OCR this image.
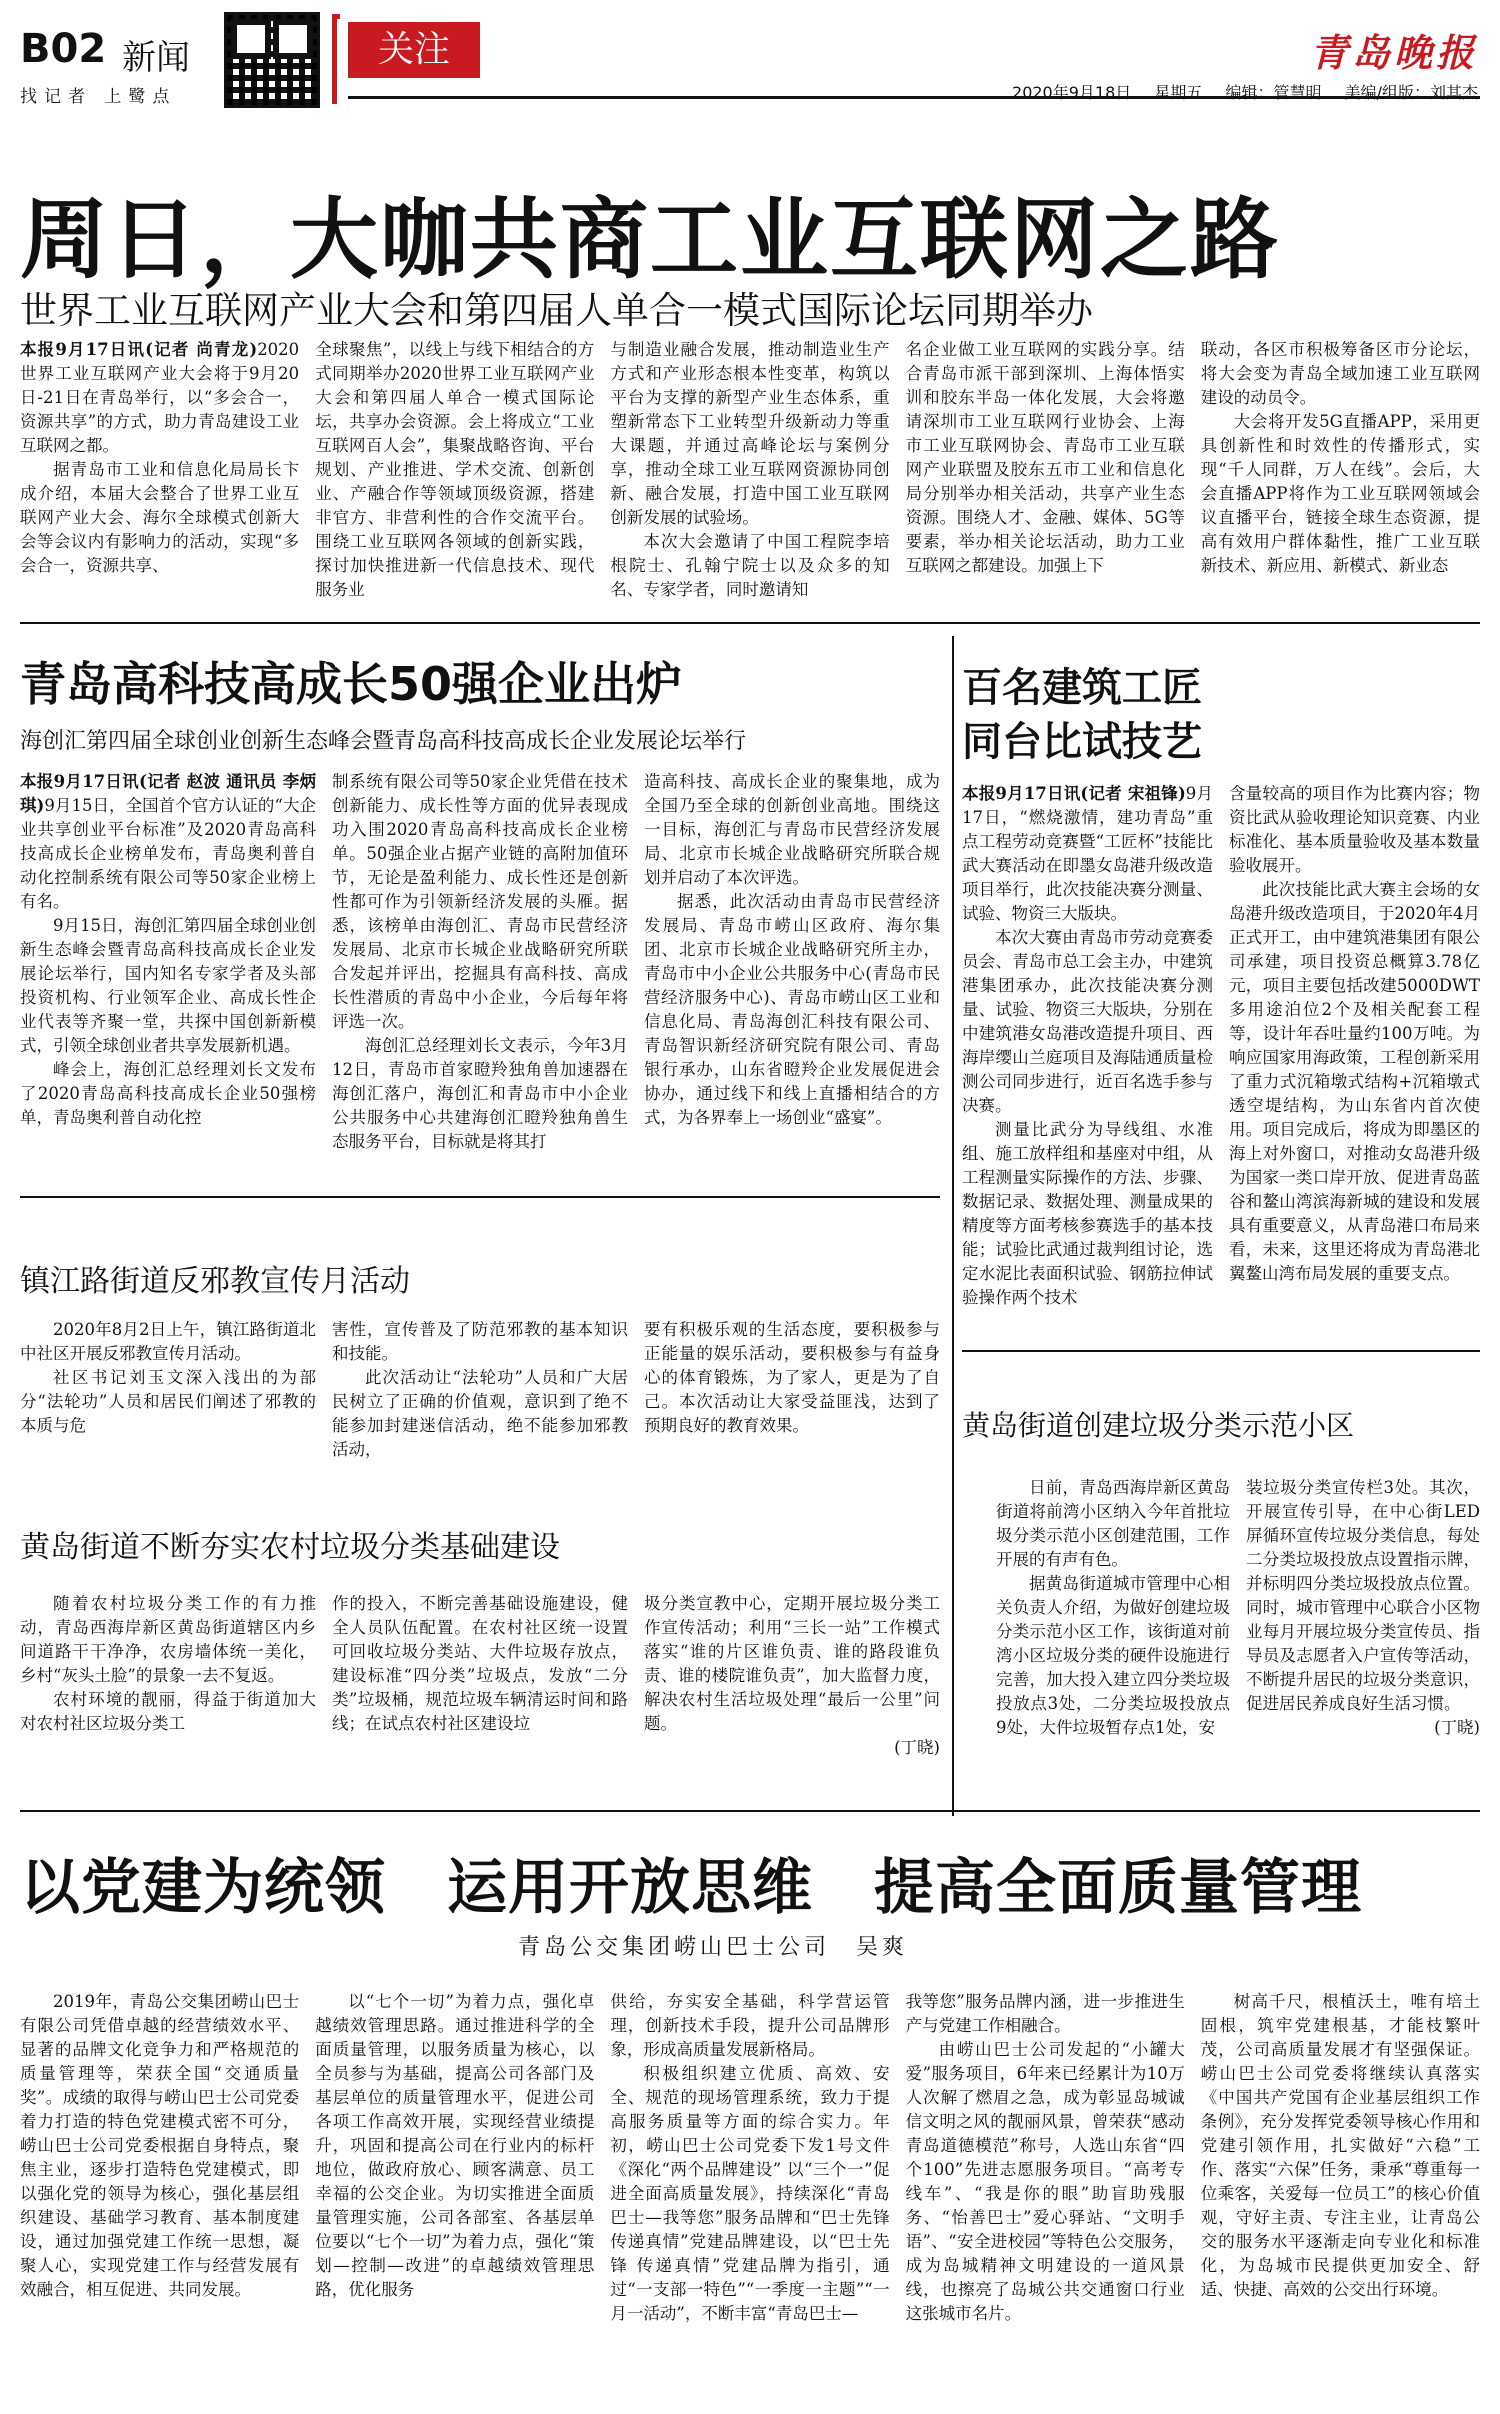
B02 新闻
找记者 上鹭点
关注	青岛晚报
2020年9月18日 星期五 编辑：管慧明 美编/组版：刘其杰
周日，大咖共商工业互联网之路
世界工业互联网产业大会和第四届人单合一模式国际论坛同期举办

本报9月17日讯(记者 尚青龙)2020世界工业互联网产业大会将于9月20日-21日在青岛举行，以“多会合一，资源共享”的方式，助力青岛建设工业互联网之都。

据青岛市工业和信息化局局长卞成介绍，本届大会整合了世界工业互联网产业大会、海尔全球模式创新大会等会议内有影响力的活动，实现“多会合一，资源共享、

全球聚焦”，以线上与线下相结合的方式同期举办2020世界工业互联网产业大会和第四届人单合一模式国际论坛，共享办会资源。会上将成立“工业互联网百人会”，集聚战略咨询、平台规划、产业推进、学术交流、创新创业、产融合作等领域顶级资源，搭建非官方、非营利性的合作交流平台。围绕工业互联网各领域的创新实践，探讨加快推进新一代信息技术、现代服务业

与制造业融合发展，推动制造业生产方式和产业形态根本性变革，构筑以平台为支撑的新型产业生态体系，重塑新常态下工业转型升级新动力等重大课题，并通过高峰论坛与案例分享，推动全球工业互联网资源协同创新、融合发展，打造中国工业互联网创新发展的试验场。

本次大会邀请了中国工程院李培根院士、孔翰宁院士以及众多的知名、专家学者，同时邀请知

名企业做工业互联网的实践分享。结合青岛市派干部到深圳、上海体悟实训和胶东半岛一体化发展，大会将邀请深圳市工业互联网行业协会、上海市工业互联网协会、青岛市工业互联网产业联盟及胶东五市工业和信息化局分别举办相关活动，共享产业生态资源。围绕人才、金融、媒体、5G等要素，举办相关论坛活动，助力工业互联网之都建设。加强上下

联动，各区市积极筹备区市分论坛，将大会变为青岛全域加速工业互联网建设的动员令。

大会将开发5G直播APP，采用更具创新性和时效性的传播形式，实现“千人同群，万人在线”。会后，大会直播APP将作为工业互联网领域会议直播平台，链接全球生态资源，提高有效用户群体黏性，推广工业互联新技术、新应用、新模式、新业态

青岛高科技高成长50强企业出炉
海创汇第四届全球创业创新生态峰会暨青岛高科技高成长企业发展论坛举行

本报9月17日讯(记者 赵波 通讯员 李炳琪)9月15日，全国首个官方认证的“大企业共享创业平台标准”及2020青岛高科技高成长企业榜单发布，青岛奥利普自动化控制系统有限公司等50家企业榜上有名。

9月15日，海创汇第四届全球创业创新生态峰会暨青岛高科技高成长企业发展论坛举行，国内知名专家学者及头部投资机构、行业领军企业、高成长性企业代表等齐聚一堂，共探中国创新新模式，引领全球创业者共享发展新机遇。

峰会上，海创汇总经理刘长文发布了2020青岛高科技高成长企业50强榜单，青岛奥利普自动化控

制系统有限公司等50家企业凭借在技术创新能力、成长性等方面的优异表现成功入围2020青岛高科技高成长企业榜单。50强企业占据产业链的高附加值环节，无论是盈利能力、成长性还是创新性都可作为引领新经济发展的头雁。据悉，该榜单由海创汇、青岛市民营经济发展局、北京市长城企业战略研究所联合发起并评出，挖掘具有高科技、高成长性潜质的青岛中小企业，今后每年将评选一次。

海创汇总经理刘长文表示，今年3月12日，青岛市首家瞪羚独角兽加速器在海创汇落户，海创汇和青岛市中小企业公共服务中心共建海创汇瞪羚独角兽生态服务平台，目标就是将其打

造高科技、高成长企业的聚集地，成为全国乃至全球的创新创业高地。围绕这一目标，海创汇与青岛市民营经济发展局、北京市长城企业战略研究所联合规划并启动了本次评选。

据悉，此次活动由青岛市民营经济发展局、青岛市崂山区政府、海尔集团、北京市长城企业战略研究所主办，青岛市中小企业公共服务中心(青岛市民营经济服务中心)、青岛市崂山区工业和信息化局、青岛海创汇科技有限公司、青岛智识新经济研究院有限公司、青岛银行承办，山东省瞪羚企业发展促进会协办，通过线下和线上直播相结合的方式，为各界奉上一场创业“盛宴”。

百名建筑工匠
同台比试技艺

本报9月17日讯(记者 宋祖锋)9月17日，“燃烧激情，建功青岛”重点工程劳动竞赛暨“工匠杯”技能比武大赛活动在即墨女岛港升级改造项目举行，此次技能决赛分测量、试验、物资三大版块。

本次大赛由青岛市劳动竞赛委员会、青岛市总工会主办，中建筑港集团承办，此次技能决赛分测量、试验、物资三大版块，分别在中建筑港女岛港改造提升项目、西海岸缨山兰庭项目及海陆通质量检测公司同步进行，近百名选手参与决赛。

测量比武分为导线组、水准组、施工放样组和基座对中组，从工程测量实际操作的方法、步骤、数据记录、数据处理、测量成果的精度等方面考核参赛选手的基本技能；试验比武通过裁判组讨论，选定水泥比表面积试验、钢筋拉伸试验操作两个技术

含量较高的项目作为比赛内容；物资比武从验收理论知识竞赛、内业标准化、基本质量验收及基本数量验收展开。

此次技能比武大赛主会场的女岛港升级改造项目，于2020年4月正式开工，由中建筑港集团有限公司承建，项目投资总概算3.78亿元，项目主要包括改建5000DWT多用途泊位2个及相关配套工程等，设计年吞吐量约100万吨。为响应国家用海政策，工程创新采用了重力式沉箱墩式结构+沉箱墩式透空堤结构，为山东省内首次使用。项目完成后，将成为即墨区的海上对外窗口，对推动女岛港升级为国家一类口岸开放、促进青岛蓝谷和鳌山湾滨海新城的建设和发展具有重要意义，从青岛港口布局来看，未来，这里还将成为青岛港北翼鳌山湾布局发展的重要支点。

镇江路街道反邪教宣传月活动

2020年8月2日上午，镇江路街道北中社区开展反邪教宣传月活动。

社区书记刘玉文深入浅出的为部分“法轮功”人员和居民们阐述了邪教的本质与危

害性，宣传普及了防范邪教的基本知识和技能。

此次活动让“法轮功”人员和广大居民树立了正确的价值观，意识到了绝不能参加封建迷信活动，绝不能参加邪教活动，

要有积极乐观的生活态度，要积极参与正能量的娱乐活动，要积极参与有益身心的体育锻炼，为了家人，更是为了自己。本次活动让大家受益匪浅，达到了预期良好的教育效果。

黄岛街道不断夯实农村垃圾分类基础建设

随着农村垃圾分类工作的有力推动，青岛西海岸新区黄岛街道辖区内乡间道路干干净净，农房墙体统一美化，乡村“灰头土脸”的景象一去不复返。

农村环境的靓丽，得益于街道加大对农村社区垃圾分类工

作的投入，不断完善基础设施建设，健全人员队伍配置。在农村社区统一设置可回收垃圾分类站、大件垃圾存放点，建设标准“四分类”垃圾点，发放“二分类”垃圾桶，规范垃圾车辆清运时间和路线；在试点农村社区建设垃

圾分类宣教中心，定期开展垃圾分类工作宣传活动；利用“三长一站”工作模式落实“谁的片区谁负责、谁的路段谁负责、谁的楼院谁负责”，加大监督力度，解决农村生活垃圾处理“最后一公里”问题。

(丁晓)

黄岛街道创建垃圾分类示范小区

日前，青岛西海岸新区黄岛街道将前湾小区纳入今年首批垃圾分类示范小区创建范围，工作开展的有声有色。

据黄岛街道城市管理中心相关负责人介绍，为做好创建垃圾分类示范小区工作，该街道对前湾小区垃圾分类的硬件设施进行完善，加大投入建立四分类垃圾投放点3处，二分类垃圾投放点9处，大件垃圾暂存点1处，安

装垃圾分类宣传栏3处。其次，开展宣传引导，在中心街LED屏循环宣传垃圾分类信息，每处二分类垃圾投放点设置指示牌，并标明四分类垃圾投放点位置。同时，城市管理中心联合小区物业每月开展垃圾分类宣传员、指导员及志愿者入户宣传等活动，不断提升居民的垃圾分类意识，促进居民养成良好生活习惯。

(丁晓)

以党建为统领　运用开放思维　提高全面质量管理
青岛公交集团崂山巴士公司　吴爽

2019年，青岛公交集团崂山巴士有限公司凭借卓越的经营绩效水平、显著的品牌文化竞争力和严格规范的质量管理等，荣获全国“交通质量奖”。成绩的取得与崂山巴士公司党委着力打造的特色党建模式密不可分，崂山巴士公司党委根据自身特点，聚焦主业，逐步打造特色党建模式，即以强化党的领导为核心，强化基层组织建设、基础学习教育、基本制度建设，通过加强党建工作统一思想，凝聚人心，实现党建工作与经营发展有效融合，相互促进、共同发展。

以“七个一切”为着力点，强化卓越绩效管理思路。通过推进科学的全面质量管理，以服务质量为核心，以全员参与为基础，提高公司各部门及基层单位的质量管理水平，促进公司各项工作高效开展，实现经营业绩提升，巩固和提高公司在行业内的标杆地位，做政府放心、顾客满意、员工幸福的公交企业。为切实推进全面质量管理实施，公司各部室、各基层单位要以“七个一切”为着力点，强化“策划—控制—改进”的卓越绩效管理思路，优化服务

供给，夯实安全基础，科学营运管理，创新技术手段，提升公司品牌形象，形成高质量发展新格局。

积极组织建立优质、高效、安全、规范的现场管理系统，致力于提高服务质量等方面的综合实力。年初，崂山巴士公司党委下发1号文件《深化“两个品牌建设” 以“三个一”促进全面高质量发展》，持续深化“青岛巴士—我等您”服务品牌和“巴士先锋 传递真情”党建品牌建设，以“巴士先锋 传递真情”党建品牌为指引，通过“一支部一特色”“一季度一主题”“一月一活动”，不断丰富“青岛巴士—

我等您”服务品牌内涵，进一步推进生产与党建工作相融合。

由崂山巴士公司发起的“小罐大爱”服务项目，6年来已经累计为10万人次解了燃眉之急，成为彰显岛城诚信文明之风的靓丽风景，曾荣获“感动青岛道德模范”称号，人选山东省“四个100”先进志愿服务项目。“高考专线车”、“我是你的眼”助盲助残服务、“怡善巴士”爱心驿站、“文明手语”、“安全进校园”等特色公交服务，成为岛城精神文明建设的一道风景线，也擦亮了岛城公共交通窗口行业这张城市名片。

树高千尺，根植沃土，唯有培土固根，筑牢党建根基，才能枝繁叶茂，公司高质量发展才有坚强保证。崂山巴士公司党委将继续认真落实《中国共产党国有企业基层组织工作条例》，充分发挥党委领导核心作用和党建引领作用，扎实做好“六稳”工作、落实“六保”任务，秉承“尊重每一位乘客，关爱每一位员工”的核心价值观，守好主责、专注主业，让青岛公交的服务水平逐渐走向专业化和标准化，为岛城市民提供更加安全、舒适、快捷、高效的公交出行环境。
